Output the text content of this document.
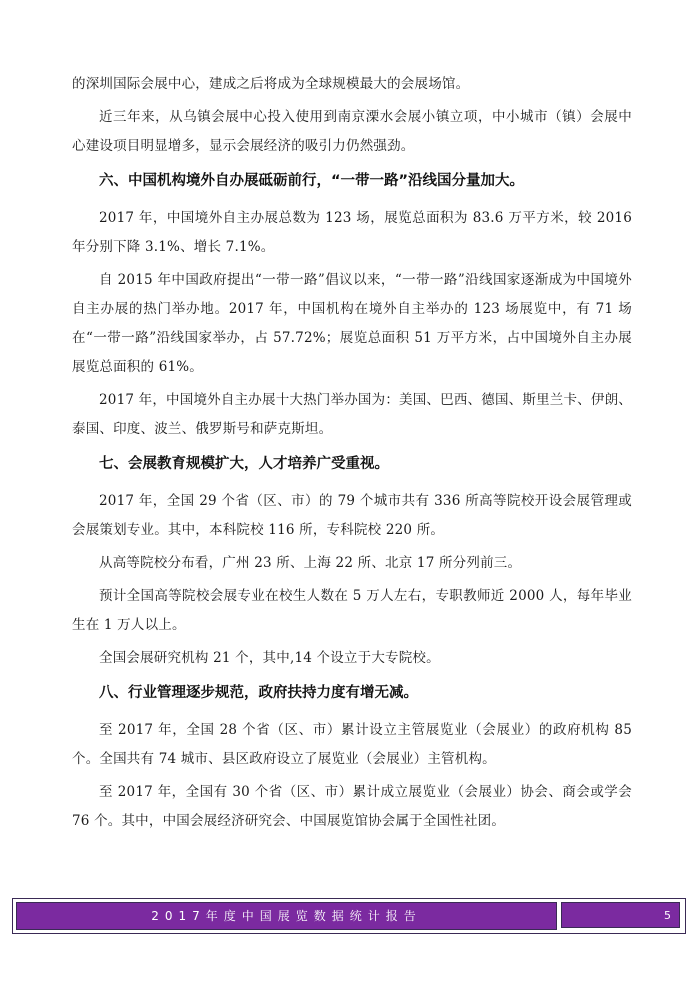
的深圳国际会展中心，建成之后将成为全球规模最大的会展场馆。

近三年来，从乌镇会展中心投入使用到南京溧水会展小镇立项，中小城市（镇）会展中心建设项目明显增多，显示会展经济的吸引力仍然强劲。

六、中国机构境外自办展砥砺前行，“一带一路”沿线国分量加大。

2017 年，中国境外自主办展总数为 123 场，展览总面积为 83.6 万平方米，较 2016 年分别下降 3.1%、增长 7.1%。

自 2015 年中国政府提出“一带一路”倡议以来，“一带一路”沿线国家逐渐成为中国境外自主办展的热门举办地。2017 年，中国机构在境外自主举办的 123 场展览中，有 71 场在“一带一路”沿线国家举办，占 57.72%；展览总面积 51 万平方米，占中国境外自主办展展览总面积的 61%。

2017 年，中国境外自主办展十大热门举办国为：美国、巴西、德国、斯里兰卡、伊朗、泰国、印度、波兰、俄罗斯号和萨克斯坦。

七、会展教育规模扩大，人才培养广受重视。

2017 年，全国 29 个省（区、市）的 79 个城市共有 336 所高等院校开设会展管理或会展策划专业。其中，本科院校 116 所，专科院校 220 所。

从高等院校分布看，广州 23 所、上海 22 所、北京 17 所分列前三。

预计全国高等院校会展专业在校生人数在 5 万人左右，专职教师近 2000 人，每年毕业生在 1 万人以上。

全国会展研究机构 21 个，其中,14 个设立于大专院校。

八、行业管理逐步规范，政府扶持力度有增无减。

至 2017 年，全国 28 个省（区、市）累计设立主管展览业（会展业）的政府机构 85 个。全国共有 74 城市、县区政府设立了展览业（会展业）主管机构。

至 2017 年，全国有 30 个省（区、市）累计成立展览业（会展业）协会、商会或学会 76 个。其中，中国会展经济研究会、中国展览馆协会属于全国性社团。

2017年度中国展览数据统计报告	5
